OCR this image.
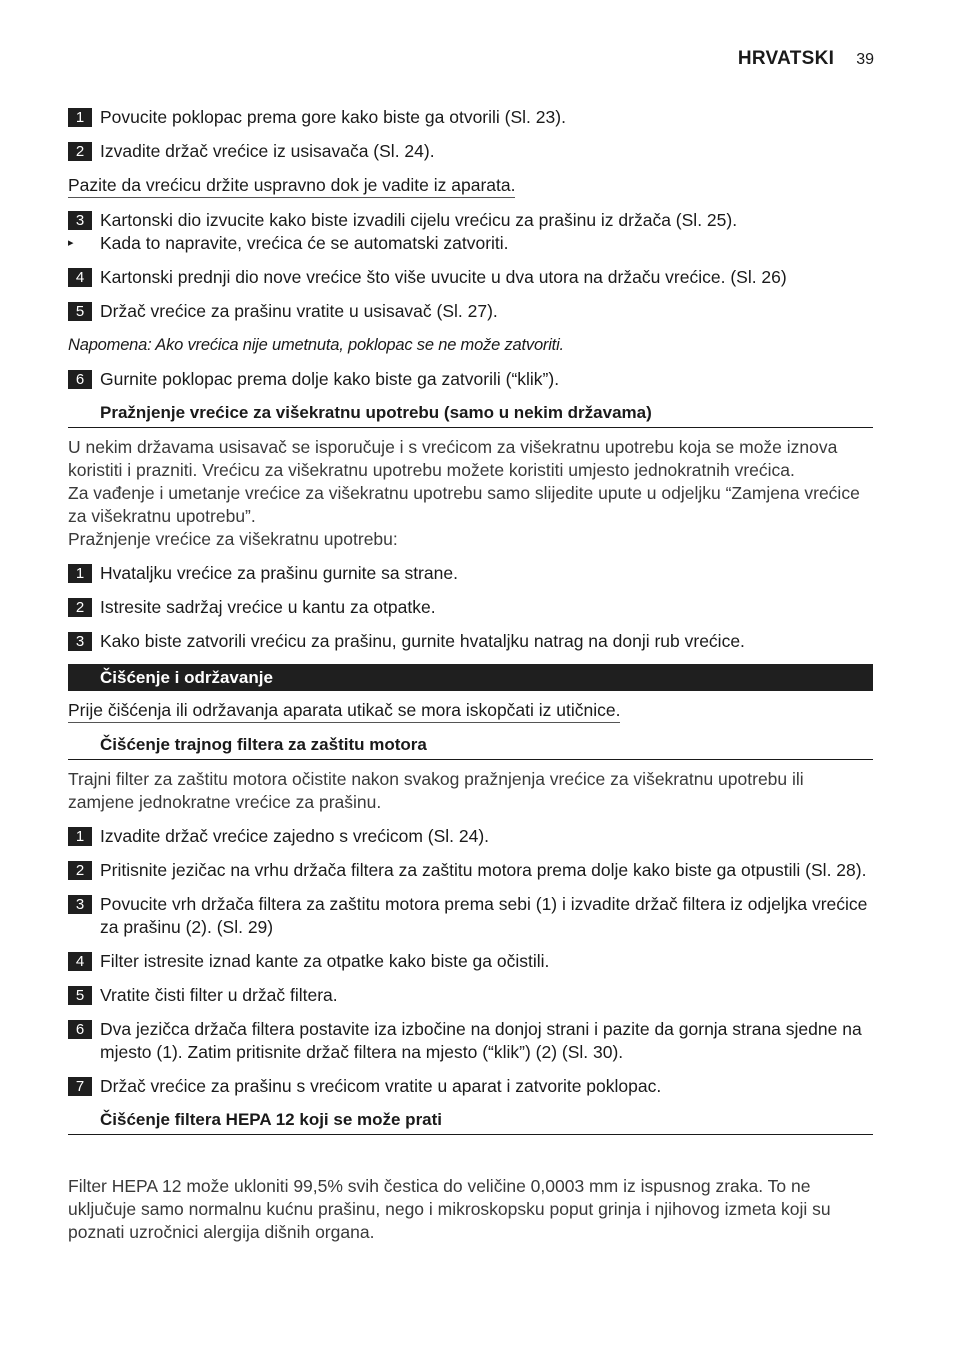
HRVATSKI 39
1 Povucite poklopac prema gore kako biste ga otvorili (Sl. 23).
2 Izvadite držač vrećice iz usisavača (Sl. 24).
Pazite da vrećicu držite uspravno dok je vadite iz aparata.
3 Kartonski dio izvucite kako biste izvadili cijelu vrećicu za prašinu iz držača (Sl. 25).
▸	Kada to napravite, vrećica će se automatski zatvoriti.
4 Kartonski prednji dio nove vrećice što više uvucite u dva utora na držaču vrećice. (Sl. 26)
5 Držač vrećice za prašinu vratite u usisavač (Sl. 27).
Napomena: Ako vrećica nije umetnuta, poklopac se ne može zatvoriti.
6 Gurnite poklopac prema dolje kako biste ga zatvorili (“klik”).
Pražnjenje vrećice za višekratnu upotrebu (samo u nekim državama)
U nekim državama usisavač se isporučuje i s vrećicom za višekratnu upotrebu koja se može iznova koristiti i prazniti. Vrećicu za višekratnu upotrebu možete koristiti umjesto jednokratnih vrećica.
Za vađenje i umetanje vrećice za višekratnu upotrebu samo slijedite upute u odjeljku “Zamjena vrećice za višekratnu upotrebu”.
Pražnjenje vrećice za višekratnu upotrebu:
1 Hvataljku vrećice za prašinu gurnite sa strane.
2 Istresite sadržaj vrećice u kantu za otpatke.
3 Kako biste zatvorili vrećicu za prašinu, gurnite hvataljku natrag na donji rub vrećice.
Čišćenje i održavanje
Prije čišćenja ili održavanja aparata utikač se mora iskopčati iz utičnice.
Čišćenje trajnog filtera za zaštitu motora
Trajni filter za zaštitu motora očistite nakon svakog pražnjenja vrećice za višekratnu upotrebu ili zamjene jednokratne vrećice za prašinu.
1 Izvadite držač vrećice zajedno s vrećicom (Sl. 24).
2 Pritisnite jezičac na vrhu držača filtera za zaštitu motora prema dolje kako biste ga otpustili (Sl. 28).
3 Povucite vrh držača filtera za zaštitu motora prema sebi (1) i izvadite držač filtera iz odjeljka vrećice za prašinu (2). (Sl. 29)
4 Filter istresite iznad kante za otpatke kako biste ga očistili.
5 Vratite čisti filter u držač filtera.
6 Dva jezičca držača filtera postavite iza izbočine na donjoj strani i pazite da gornja strana sjedne na mjesto (1). Zatim pritisnite držač filtera na mjesto (“klik”) (2) (Sl. 30).
7 Držač vrećice za prašinu s vrećicom vratite u aparat i zatvorite poklopac.
Čišćenje filtera HEPA 12 koji se može prati
Filter HEPA 12 može ukloniti 99,5% svih čestica do veličine 0,0003 mm iz ispusnog zraka. To ne uključuje samo normalnu kućnu prašinu, nego i mikroskopsku poput grinja i njihovog izmeta koji su poznati uzročnici alergija dišnih organa.
